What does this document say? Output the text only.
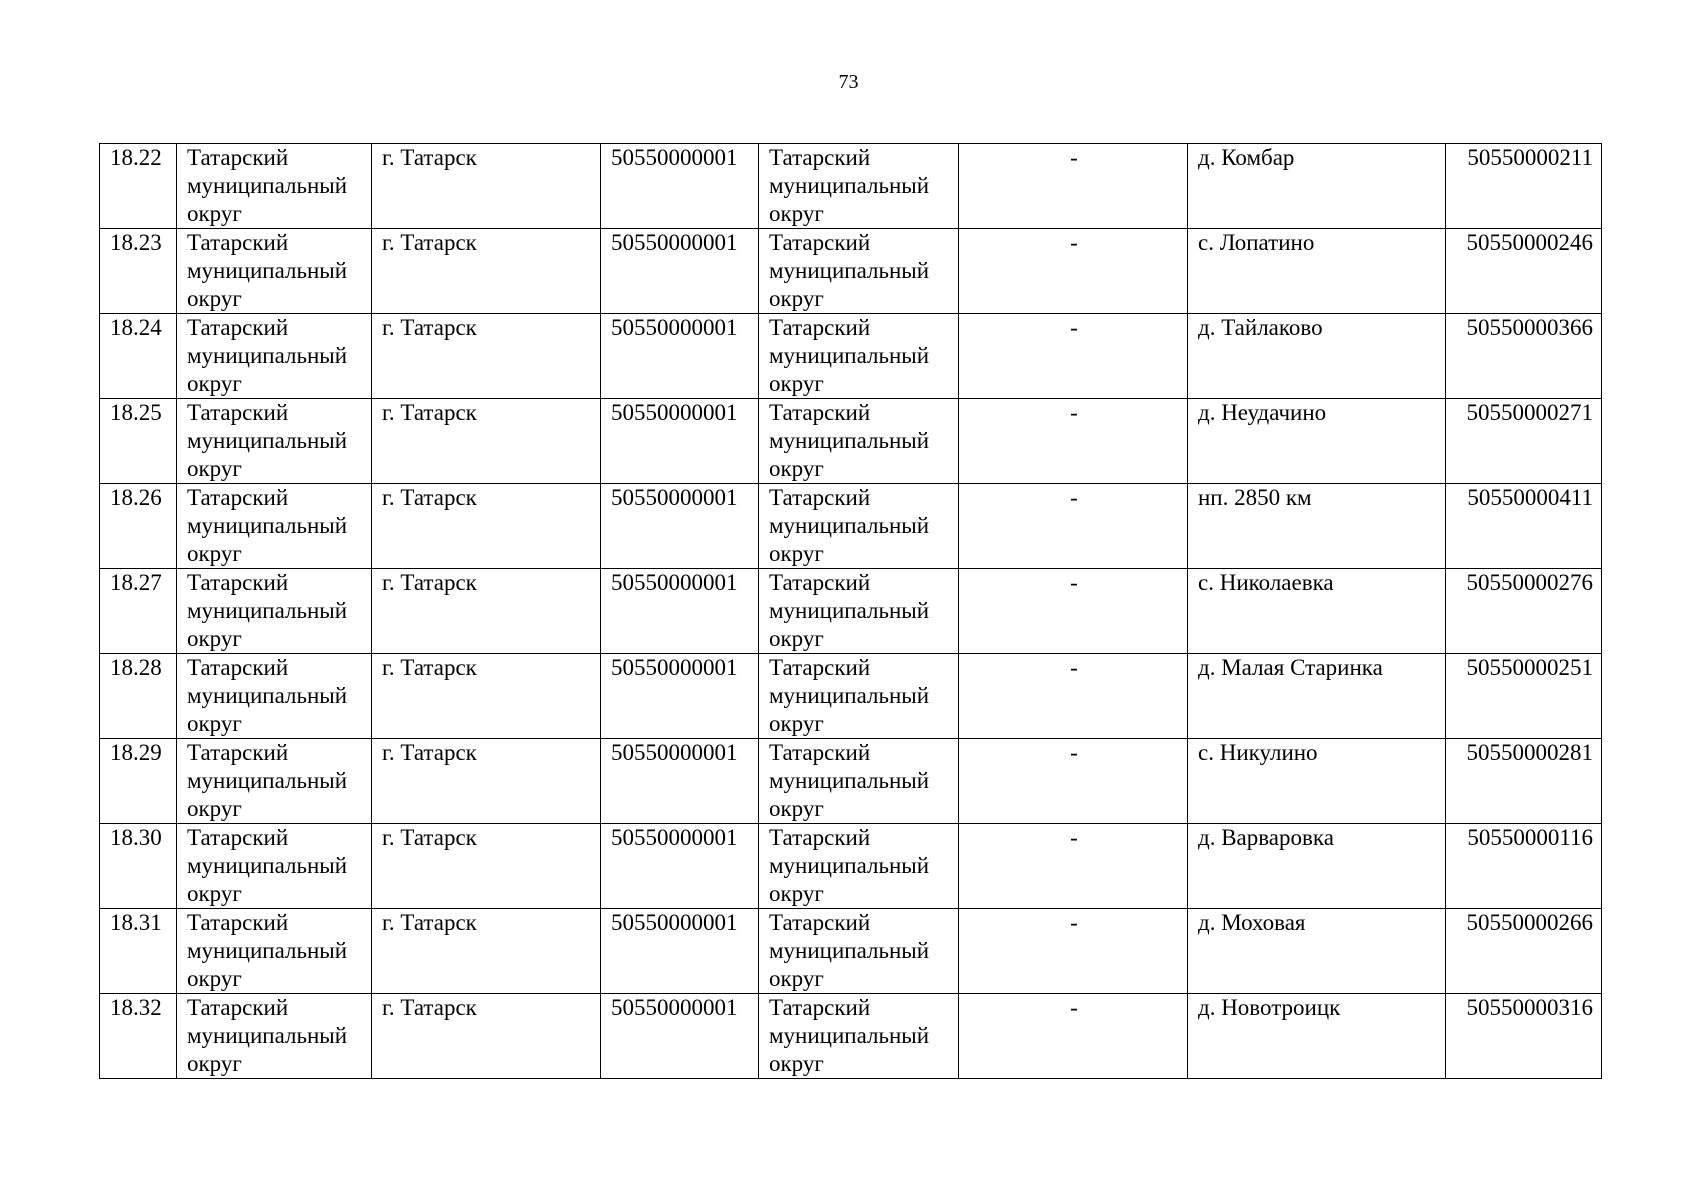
73
18.22	Татарский муниципальный округ	г. Татарск	50550000001	Татарский муниципальный округ	-	д. Комбар	50550000211
18.23	Татарский муниципальный округ	г. Татарск	50550000001	Татарский муниципальный округ	-	с. Лопатино	50550000246
18.24	Татарский муниципальный округ	г. Татарск	50550000001	Татарский муниципальный округ	-	д. Тайлаково	50550000366
18.25	Татарский муниципальный округ	г. Татарск	50550000001	Татарский муниципальный округ	-	д. Неудачино	50550000271
18.26	Татарский муниципальный округ	г. Татарск	50550000001	Татарский муниципальный округ	-	нп. 2850 км	50550000411
18.27	Татарский муниципальный округ	г. Татарск	50550000001	Татарский муниципальный округ	-	с. Николаевка	50550000276
18.28	Татарский муниципальный округ	г. Татарск	50550000001	Татарский муниципальный округ	-	д. Малая Старинка	50550000251
18.29	Татарский муниципальный округ	г. Татарск	50550000001	Татарский муниципальный округ	-	с. Никулино	50550000281
18.30	Татарский муниципальный округ	г. Татарск	50550000001	Татарский муниципальный округ	-	д. Варваровка	50550000116
18.31	Татарский муниципальный округ	г. Татарск	50550000001	Татарский муниципальный округ	-	д. Моховая	50550000266
18.32	Татарский муниципальный округ	г. Татарск	50550000001	Татарский муниципальный округ	-	д. Новотроицк	50550000316
